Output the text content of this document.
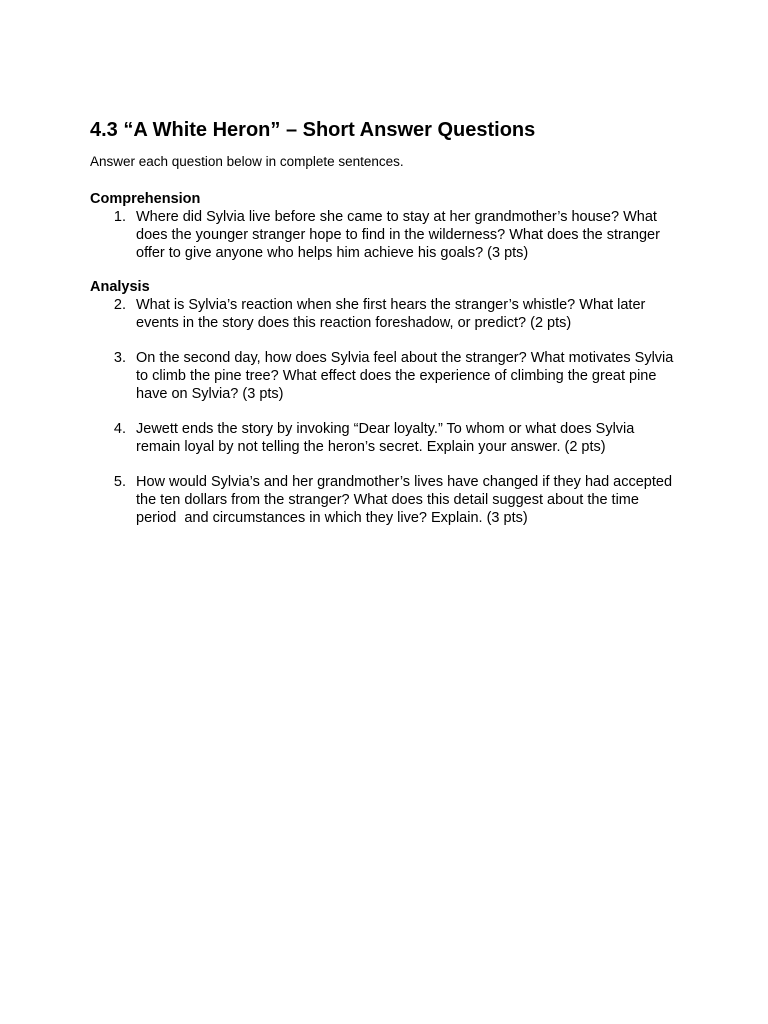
4.3 “A White Heron” – Short Answer Questions

Answer each question below in complete sentences.

Comprehension
1. Where did Sylvia live before she came to stay at her grandmother’s house? What does the younger stranger hope to find in the wilderness? What does the stranger offer to give anyone who helps him achieve his goals? (3 pts)
Analysis
2. What is Sylvia’s reaction when she first hears the stranger’s whistle? What later events in the story does this reaction foreshadow, or predict? (2 pts)
3. On the second day, how does Sylvia feel about the stranger? What motivates Sylvia to climb the pine tree? What effect does the experience of climbing the great pine have on Sylvia? (3 pts)
4. Jewett ends the story by invoking “Dear loyalty.” To whom or what does Sylvia remain loyal by not telling the heron’s secret. Explain your answer. (2 pts)
5. How would Sylvia’s and her grandmother’s lives have changed if they had accepted the ten dollars from the stranger? What does this detail suggest about the time period  and circumstances in which they live? Explain. (3 pts)
